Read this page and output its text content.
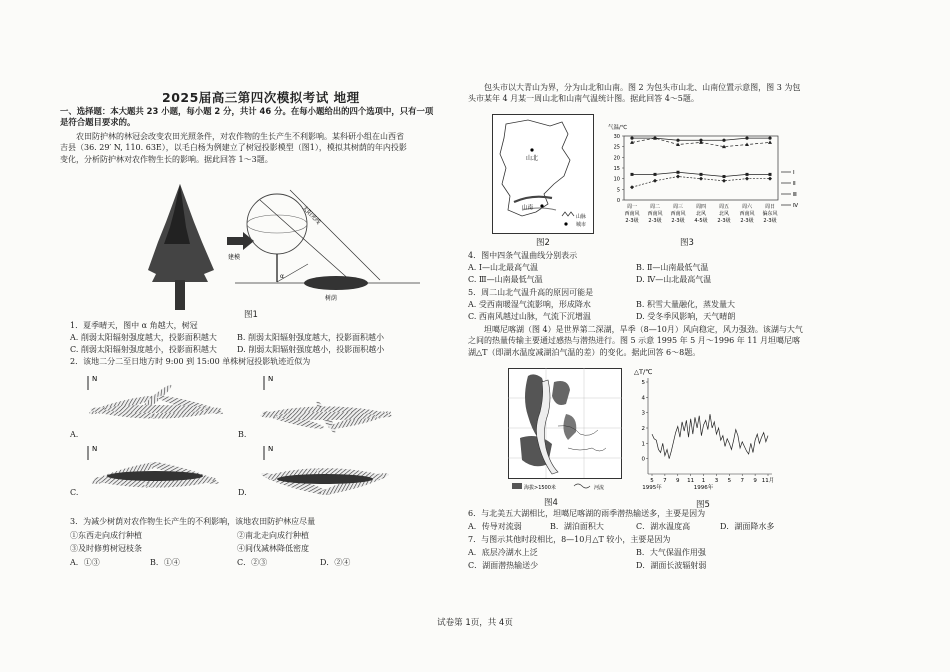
2025届高三第四次模拟考试 地理
一、选择题：本大题共 23 小题，每小题 2 分，共计 46 分。在每小题给出的四个选项中，只有一项
是符合题目要求的。
农田防护林的林冠会改变农田光照条件，对农作物的生长产生不利影响。某科研小组在山西省
吉县（36. 29′ N, 110. 63E），以毛白杨为例建立了树冠投影模型（图1），模拟其树荫的年内投影
变化，分析防护林对农作物生长的影响。据此回答 1～3题。
建模
太阳光线
α
树荫
图1
1．夏季晴天，图中 α 角越大，树冠
A. 削弱太阳辐射强度越大，投影面积越大	B. 削弱太阳辐射强度越大，投影面积越小
C. 削弱太阳辐射强度越小，投影面积越大	D. 削弱太阳辐射强度越小，投影面积越小
2．该地二分二至日地方时 9:00 到 15:00 单株树冠投影轨迹近似为
N	N
N	N
A.	B.
C.	D.
3．为减少树荫对农作物生长产生的不利影响，该地农田防护林应尽量
①东西走向成行种植	②南北走向成行种植
③及时修剪树冠枝条	④间伐减林降低密度
A．①③	B．①④	C．②③	D．②④
包头市以大青山为界，分为山北和山南。图 2 为包头市山北、山南位置示意图，图 3 为包
头市某年 4 月某一周山北和山南气温统计图。据此回答 4～5题。
山北
山南
山脉
城市
图2
气温/℃
0
5
10
15
20
25
30
周一
西南风
2-3级
周二
西南风
2-3级
周三
西南风
2-3级
周四
北风
4-5级
周五
北风
2-3级
周六
西南风
2-3级
周日
偏东风
2-3级
Ⅰ
Ⅱ
Ⅲ
Ⅳ
图3
4．图中四条气温曲线分别表示
A. Ⅰ—山北最高气温	B. Ⅱ—山南最低气温
C. Ⅲ—山南最低气温	D. Ⅳ—山北最高气温
5．周二山北气温升高的原因可能是
A. 受西南暖湿气流影响，形成降水	B. 积雪大量融化，蒸发量大
C. 西南风越过山脉，气流下沉增温	D. 受冬季风影响，天气晴朗
坦噶尼喀湖（图 4）是世界第二深湖，旱季（8—10月）风向稳定，风力强劲。该湖与大气
之间的热量传输主要通过感热与潜热进行。图 5 示意 1995 年 5 月～1996 年 11 月坦噶尼喀
湖△T（即湖水温度减湖泊气温的差）的变化。据此回答 6～8题。
海拔>1500米	河流
图4
△T/℃
0
1
2
3
4
5
5 7 9 11 1 3 5 7 9 11月
1995年	1996年
图5
6．与北美五大湖相比，坦噶尼喀湖的雨季潜热输送多，主要是因为
A．传导对流弱	B．湖泊面积大	C．湖水温度高	D．湖面降水多
7．与图示其他时段相比，8—10月△T 较小，主要是因为
A．底层冷湖水上泛	B．大气保温作用强
C．湖面潜热输送少	D．湖面长波辐射弱
试卷第 1页，共 4页
